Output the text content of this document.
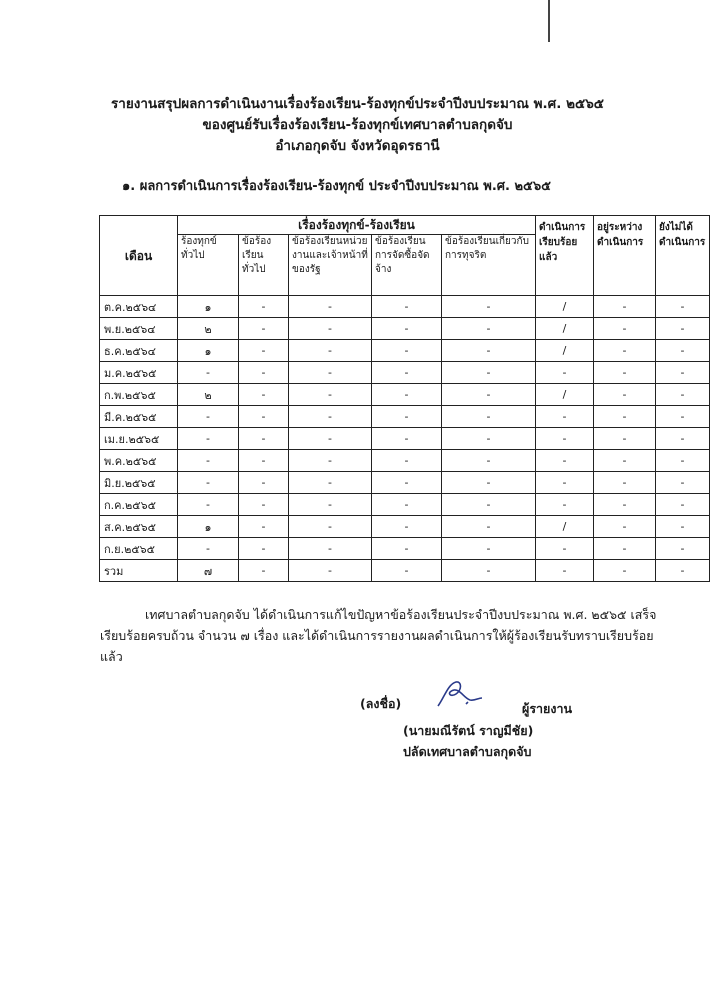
รายงานสรุปผลการดำเนินงานเรื่องร้องเรียน-ร้องทุกข์ประจำปีงบประมาณ พ.ศ. ๒๕๖๕
ของศูนย์รับเรื่องร้องเรียน-ร้องทุกข์เทศบาลตำบลกุดจับ
อำเภอกุดจับ จังหวัดอุดรธานี
๑. ผลการดำเนินการเรื่องร้องเรียน-ร้องทุกข์ ประจำปีงบประมาณ พ.ศ. ๒๕๖๕
เดือน	เรื่องร้องทุกข์-ร้องเรียน					ดำเนินการเรียบร้อยแล้ว	อยู่ระหว่างดำเนินการ	ยังไม่ได้ดำเนินการ
	ร้องทุกข์ทั่วไป	ข้อร้องเรียนทั่วไป	ข้อร้องเรียนหน่วยงานและเจ้าหน้าที่ของรัฐ	ข้อร้องเรียนการจัดซื้อจัดจ้าง	ข้อร้องเรียนเกี่ยวกับการทุจริต			
ต.ค.๒๕๖๔	๑	-	-	-	-	/	-	-
พ.ย.๒๕๖๔	๒	-	-	-	-	/	-	-
ธ.ค.๒๕๖๔	๑	-	-	-	-	/	-	-
ม.ค.๒๕๖๕	-	-	-	-	-	-	-	-
ก.พ.๒๕๖๕	๒	-	-	-	-	/	-	-
มี.ค.๒๕๖๕	-	-	-	-	-	-	-	-
เม.ย.๒๕๖๕	-	-	-	-	-	-	-	-
พ.ค.๒๕๖๕	-	-	-	-	-	-	-	-
มิ.ย.๒๕๖๕	-	-	-	-	-	-	-	-
ก.ค.๒๕๖๕	-	-	-	-	-	-	-	-
ส.ค.๒๕๖๕	๑	-	-	-	-	/	-	-
ก.ย.๒๕๖๕	-	-	-	-	-	-	-	-
รวม	๗	-	-	-	-	-	-	-
เทศบาลตำบลกุดจับ ได้ดำเนินการแก้ไขปัญหาข้อร้องเรียนประจำปีงบประมาณ พ.ศ. ๒๕๖๕ เสร็จเรียบร้อยครบถ้วน จำนวน ๗ เรื่อง และได้ดำเนินการรายงานผลดำเนินการให้ผู้ร้องเรียนรับทราบเรียบร้อยแล้ว
(ลงชื่อ)	ผู้รายงาน
(นายมณีรัตน์ ราญมีชัย)
ปลัดเทศบาลตำบลกุดจับ
